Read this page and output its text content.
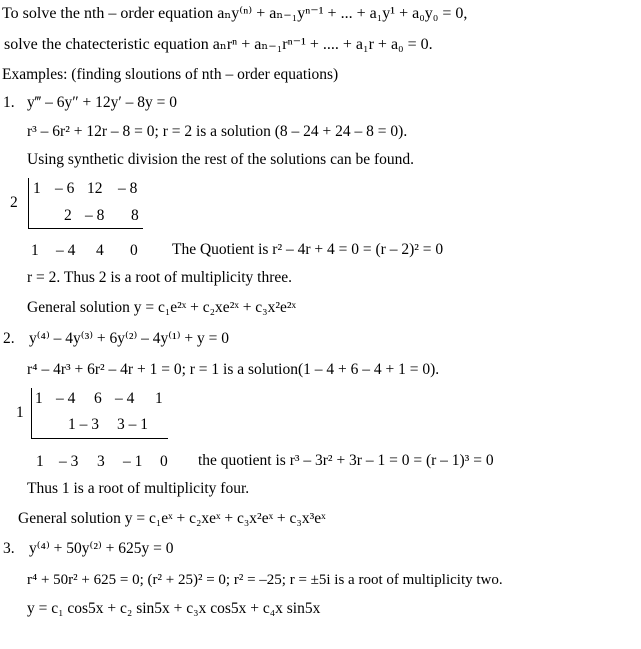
To solve the nth – order equation aₙy⁽ⁿ⁾ + aₙ₋₁yⁿ⁻¹ + ... + a₁y¹ + a₀y₀ = 0,
solve the chatecteristic equation aₙrⁿ + aₙ₋₁rⁿ⁻¹ + .... + a₁r + a₀ = 0.
Examples: (finding sloutions of nth – order equations)
1. y‴ – 6y″ + 12y′ – 8y = 0
r³ – 6r² + 12r – 8 = 0; r = 2 is a solution (8 – 24 + 24 – 8 = 0).
Using synthetic division the rest of the solutions can be found.
2
1 – 6 12 – 8
2 – 8 8
1 – 4 4 0 The Quotient is r² – 4r + 4 = 0 = (r – 2)² = 0
r = 2. Thus 2 is a root of multiplicity three.
General solution y = c₁e²ˣ + c₂xe²ˣ + c₃x²e²ˣ
2. y⁽⁴⁾ – 4y⁽³⁾ + 6y⁽²⁾ – 4y⁽¹⁾ + y = 0
r⁴ – 4r³ + 6r² – 4r + 1 = 0; r = 1 is a solution(1 – 4 + 6 – 4 + 1 = 0).
1
1 – 4 6 – 4 1
1 – 3 3 – 1
1 – 3 3 – 1 0 the quotient is r³ – 3r² + 3r – 1 = 0 = (r – 1)³ = 0
Thus 1 is a root of multiplicity four.
General solution y = c₁eˣ + c₂xeˣ + c₃x²eˣ + c₃x³eˣ
3. y⁽⁴⁾ + 50y⁽²⁾ + 625y = 0
r⁴ + 50r² + 625 = 0; (r² + 25)² = 0; r² = –25; r = ±5i is a root of multiplicity two.
y = c₁ cos5x + c₂ sin5x + c₃x cos5x + c₄x sin5x
